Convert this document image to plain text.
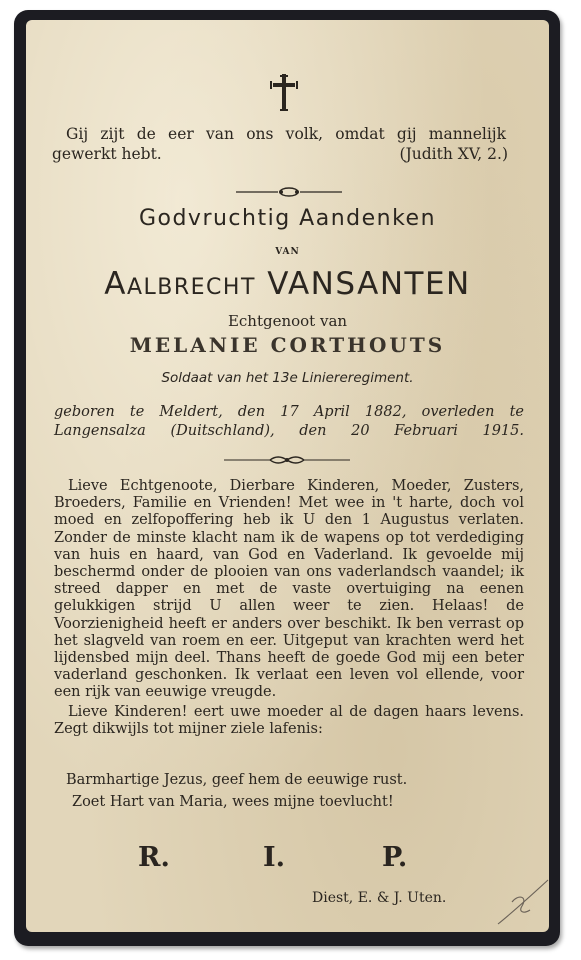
Gij zijt de eer van ons volk, omdat gij mannelijk
gewerkt hebt.	(Judith XV, 2.)
Godvruchtig Aandenken
van
Aalbrecht VANSANTEN
Echtgenoot van
MELANIE CORTHOUTS
Soldaat van het 13e Liniereregiment.
geboren te Meldert, den 17 April 1882, overleden te
Langensalza (Duitschland), den 20 Februari 1915.

Lieve Echtgenoote, Dierbare Kinderen, Moeder, Zusters, Broeders, Familie en Vrienden! Met wee in 't harte, doch vol moed en zelfopoffering heb ik U den 1 Augustus verlaten. Zonder de minste klacht nam ik de wapens op tot verdediging van huis en haard, van God en Vaderland. Ik gevoelde mij beschermd onder de plooien van ons vaderlandsch vaandel; ik streed dapper en met de vaste overtuiging na eenen gelukkigen strijd U allen weer te zien. Helaas! de Voorzienigheid heeft er anders over beschikt. Ik ben verrast op het slagveld van roem en eer. Uitgeput van krachten werd het lijdensbed mijn deel. Thans heeft de goede God mij een beter vaderland geschonken. Ik verlaat een leven vol ellende, voor een rijk van eeuwige vreugde.

Lieve Kinderen! eert uwe moeder al de dagen haars levens. Zegt dikwijls tot mijner ziele lafenis:

Barmhartige Jezus, geef hem de eeuwige rust.
Zoet Hart van Maria, wees mijne toevlucht!
R.	I.	P.
Diest, E. & J. Uten.
